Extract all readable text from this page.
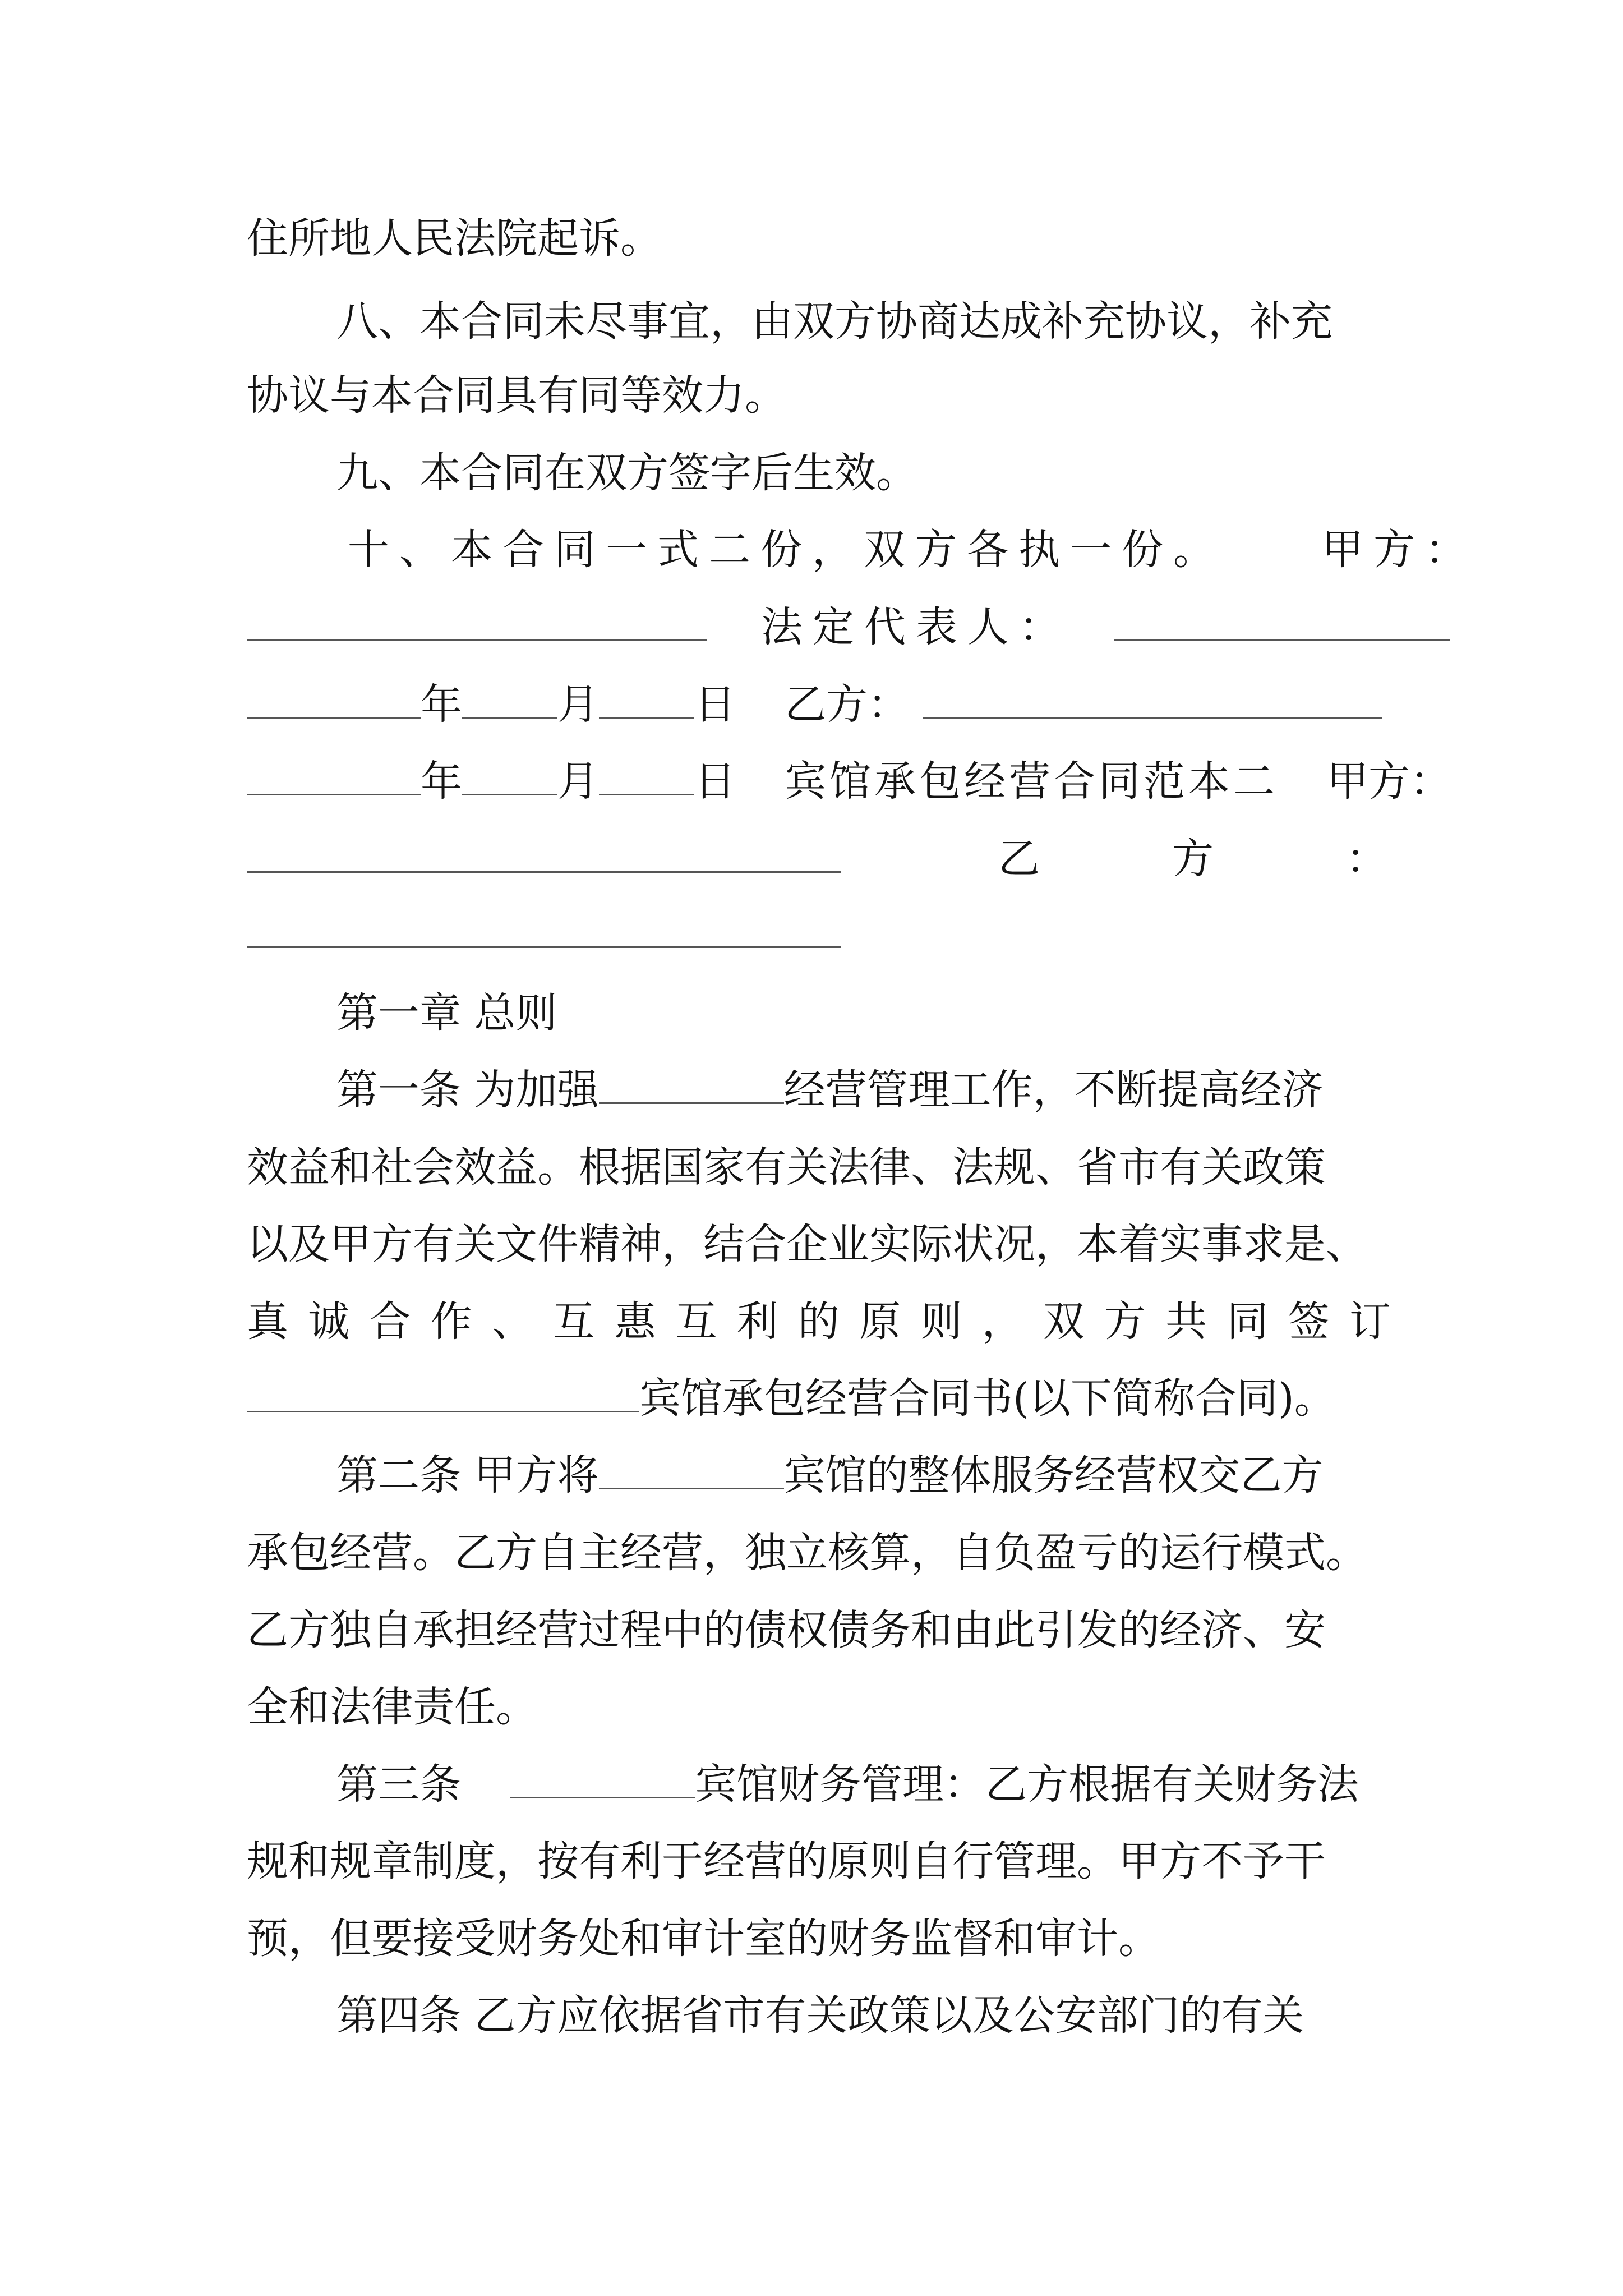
住所地人民法院起诉。
八、本合同未尽事宜，由双方协商达成补充协议，补充
协议与本合同具有同等效力。
九、本合同在双方签字后生效。
十、本合同一式二份，双方各执一份。 甲方：
法定代表人：
年 月 日 乙方：
年 月 日 宾馆承包经营合同范本二 甲方：
乙	方	：
第一章 总则
第一条 为加强	经营管理工作，不断提高经济
效益和社会效益。根据国家有关法律、法规、省市有关政策
以及甲方有关文件精神，结合企业实际状况，本着实事求是、
真 诚 合 作 、 互 惠 互 利 的 原 则 ， 双 方 共 同 签 订
宾馆承包经营合同书(以下简称合同)。
第二条 甲方将	宾馆的整体服务经营权交乙方
承包经营。乙方自主经营，独立核算，自负盈亏的运行模式。
乙方独自承担经营过程中的债权债务和由此引发的经济、安
全和法律责任。
第三条	宾馆财务管理：乙方根据有关财务法
规和规章制度，按有利于经营的原则自行管理。甲方不予干
预，但要接受财务处和审计室的财务监督和审计。
第四条 乙方应依据省市有关政策以及公安部门的有关
